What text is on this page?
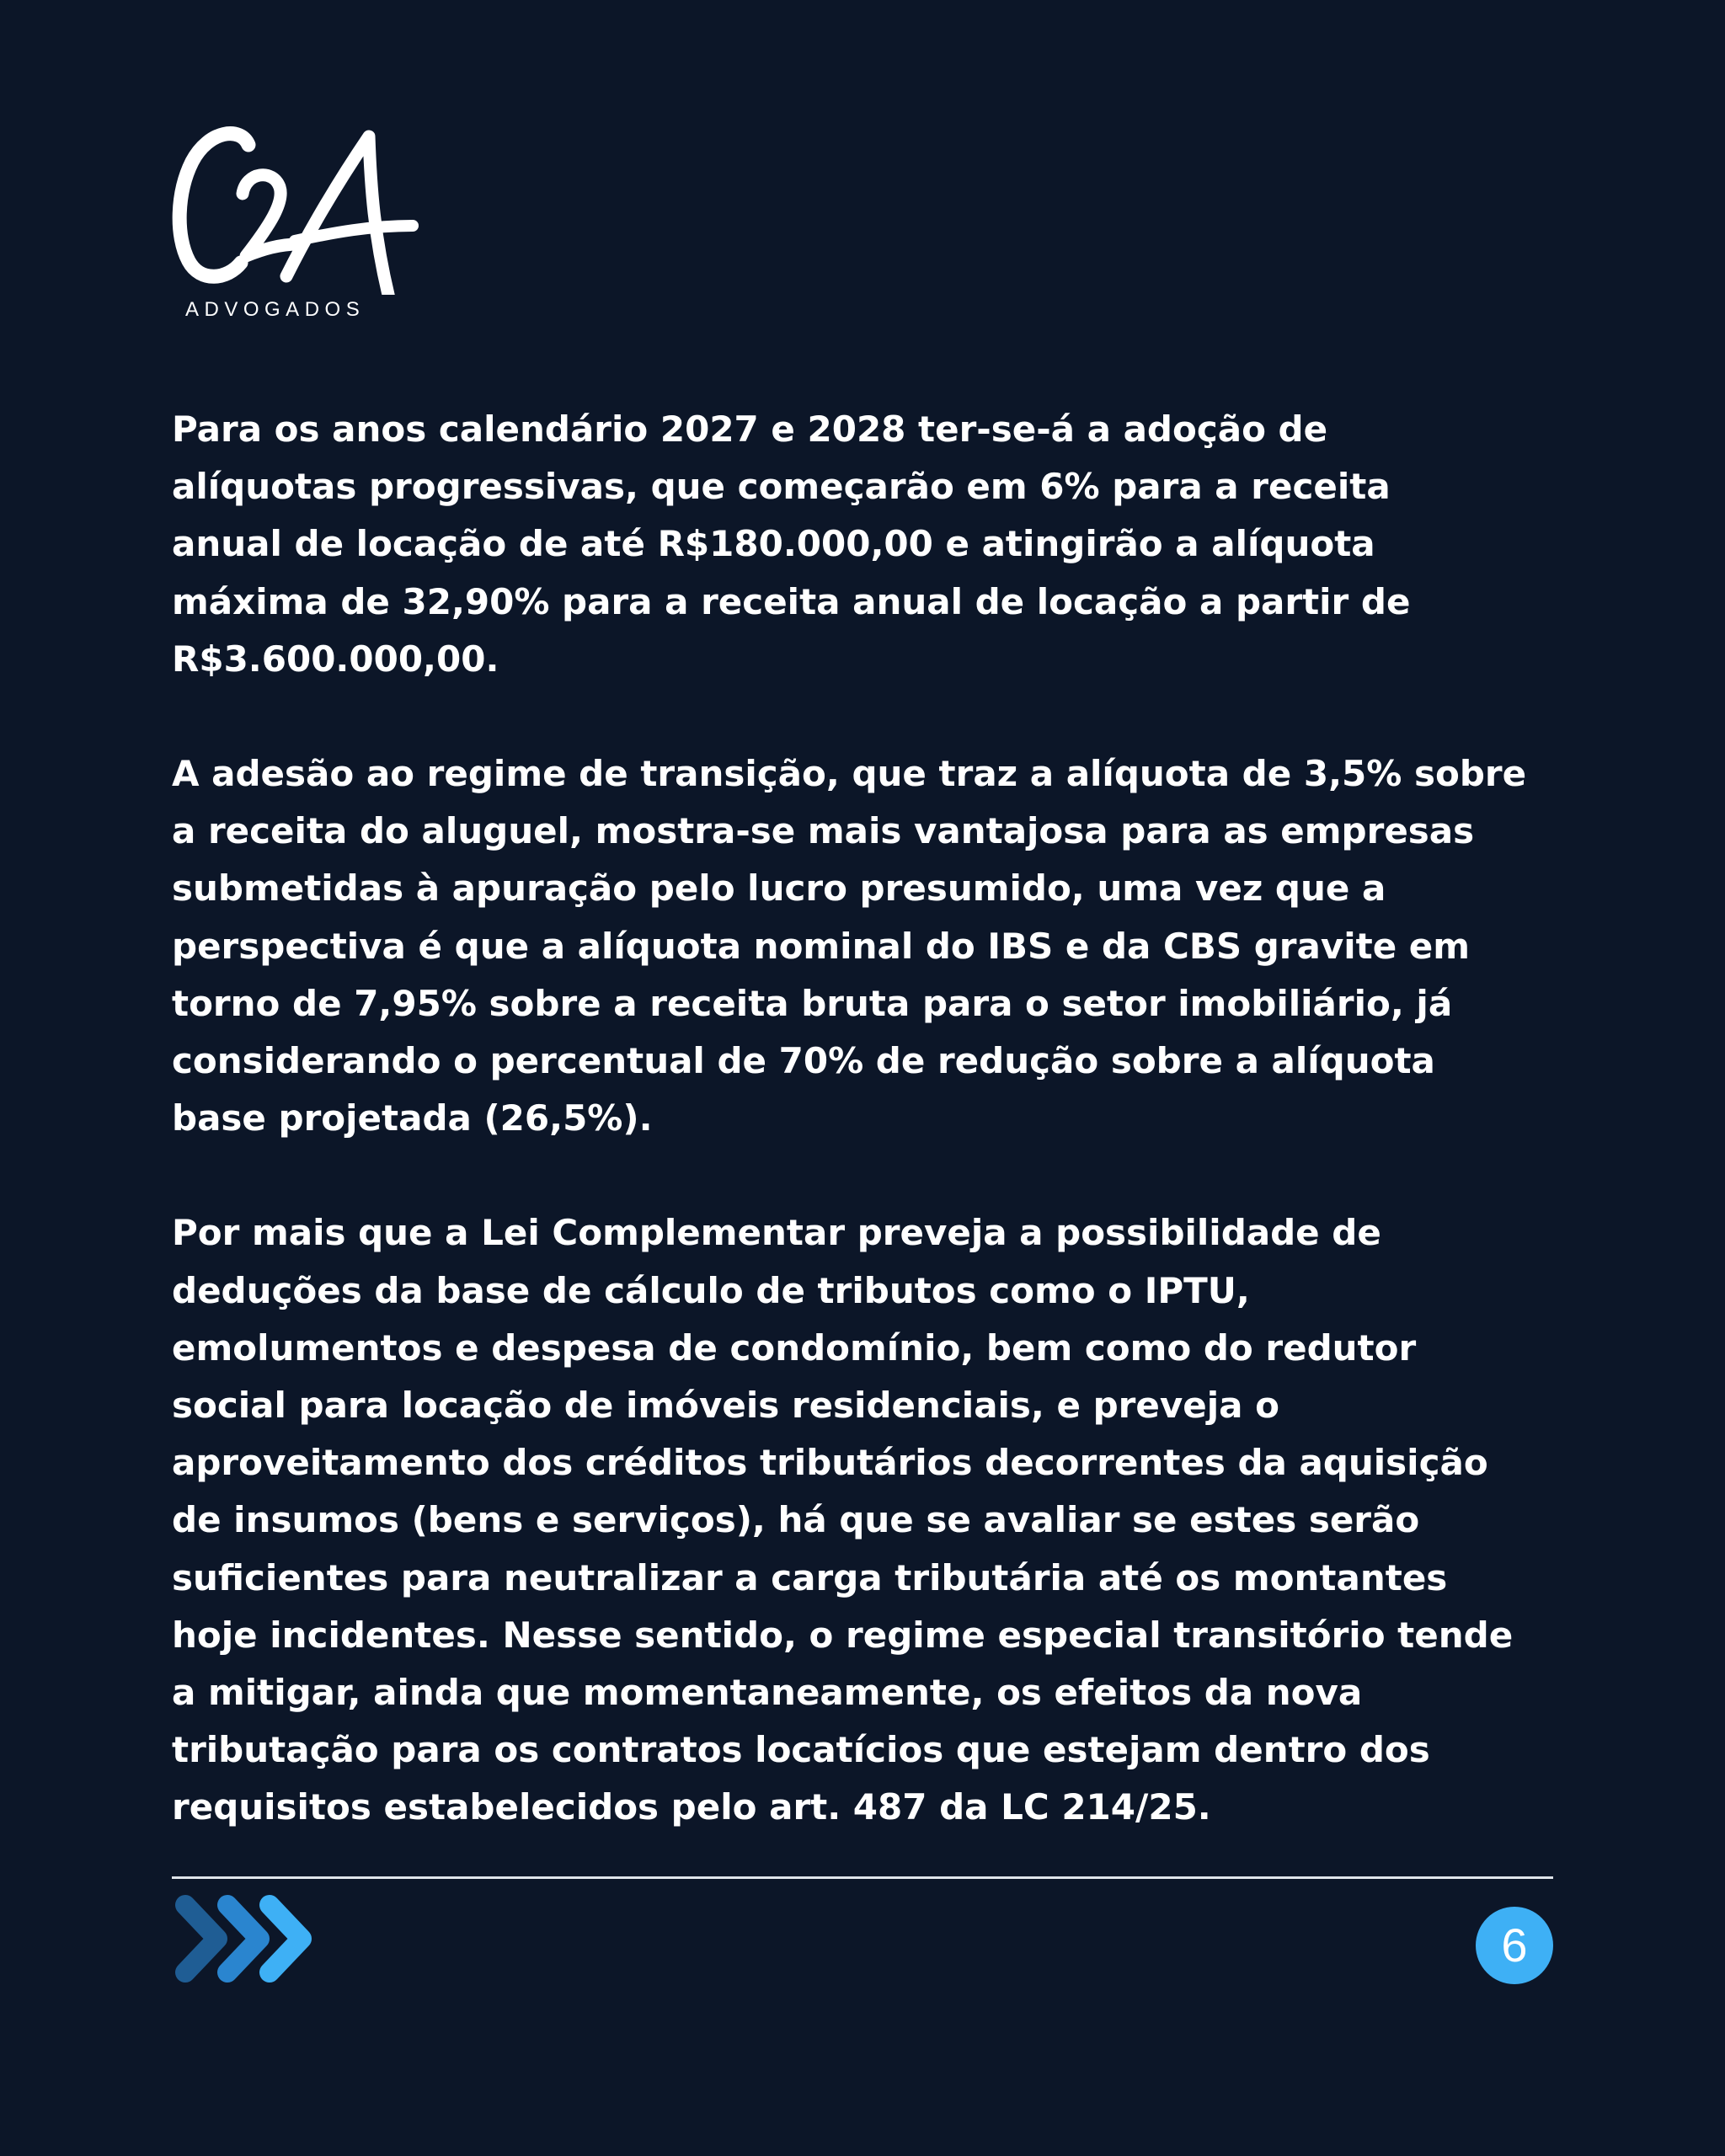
ADVOGADOS

Para os anos calendário 2027 e 2028 ter-se-á a adoção de
alíquotas progressivas, que começarão em 6% para a receita
anual de locação de até R$180.000,00 e atingirão a alíquota
máxima de 32,90% para a receita anual de locação a partir de
R$3.600.000,00.

A adesão ao regime de transição, que traz a alíquota de 3,5% sobre
a receita do aluguel, mostra-se mais vantajosa para as empresas
submetidas à apuração pelo lucro presumido, uma vez que a
perspectiva é que a alíquota nominal do IBS e da CBS gravite em
torno de 7,95% sobre a receita bruta para o setor imobiliário, já
considerando o percentual de 70% de redução sobre a alíquota
base projetada (26,5%).

Por mais que a Lei Complementar preveja a possibilidade de
deduções da base de cálculo de tributos como o IPTU,
emolumentos e despesa de condomínio, bem como do redutor
social para locação de imóveis residenciais, e preveja o
aproveitamento dos créditos tributários decorrentes da aquisição
de insumos (bens e serviços), há que se avaliar se estes serão
suficientes para neutralizar a carga tributária até os montantes
hoje incidentes. Nesse sentido, o regime especial transitório tende
a mitigar, ainda que momentaneamente, os efeitos da nova
tributação para os contratos locatícios que estejam dentro dos
requisitos estabelecidos pelo art. 487 da LC 214/25.

6
